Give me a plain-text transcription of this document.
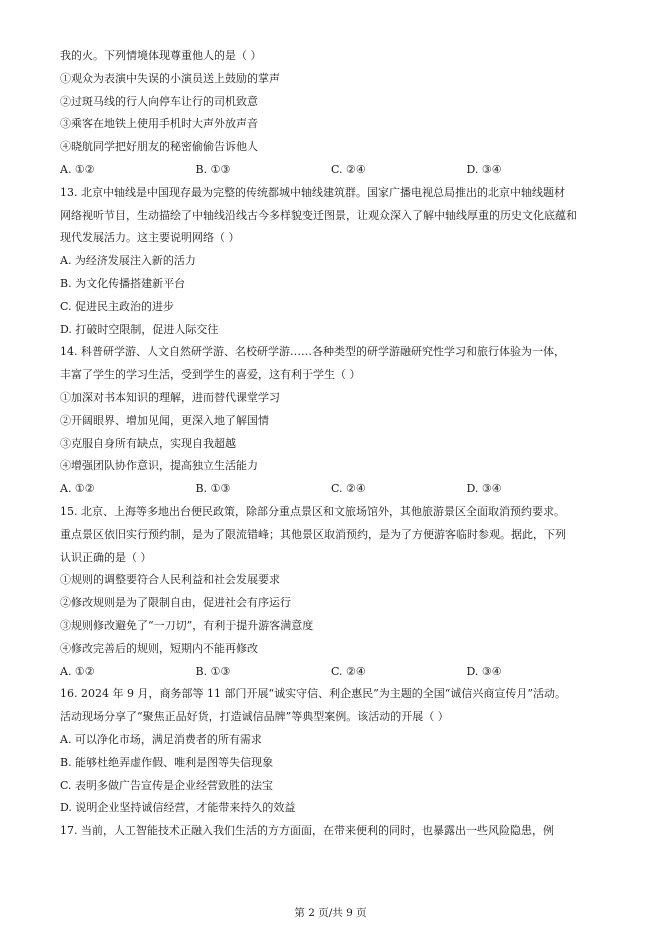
我的火。下列情境体现尊重他人的是（ ）
①观众为表演中失误的小演员送上鼓励的掌声
②过斑马线的行人向停车让行的司机致意
③乘客在地铁上使用手机时大声外放声音
④晓航同学把好朋友的秘密偷偷告诉他人
A. ①②	B. ①③	C. ②④	D. ③④
13. 北京中轴线是中国现存最为完整的传统都城中轴线建筑群。国家广播电视总局推出的北京中轴线题材
网络视听节目，生动描绘了中轴线沿线古今多样貌变迁图景，让观众深入了解中轴线厚重的历史文化底蕴和
现代发展活力。这主要说明网络（ ）
A. 为经济发展注入新的活力
B. 为文化传播搭建新平台
C. 促进民主政治的进步
D. 打破时空限制，促进人际交往
14. 科普研学游、人文自然研学游、名校研学游……各种类型的研学游融研究性学习和旅行体验为一体，
丰富了学生的学习生活，受到学生的喜爱，这有利于学生（ ）
①加深对书本知识的理解，进而替代课堂学习
②开阔眼界、增加见闻，更深入地了解国情
③克服自身所有缺点，实现自我超越
④增强团队协作意识，提高独立生活能力
A. ①②	B. ①③	C. ②④	D. ③④
15. 北京、上海等多地出台便民政策，除部分重点景区和文旅场馆外，其他旅游景区全面取消预约要求。
重点景区依旧实行预约制，是为了限流错峰；其他景区取消预约，是为了方便游客临时参观。据此，下列
认识正确的是（ ）
①规则的调整要符合人民利益和社会发展要求
②修改规则是为了限制自由，促进社会有序运行
③规则修改避免了“一刀切”，有利于提升游客满意度
④修改完善后的规则，短期内不能再修改
A. ①②	B. ①③	C. ②④	D. ③④
16. 2024 年 9 月，商务部等 11 部门开展“诚实守信、利企惠民”为主题的全国“诚信兴商宣传月”活动。
活动现场分享了“聚焦正品好货，打造诚信品牌”等典型案例。该活动的开展（ ）
A. 可以净化市场，满足消费者的所有需求
B. 能够杜绝弄虚作假、唯利是图等失信现象
C. 表明多做广告宣传是企业经营致胜的法宝
D. 说明企业坚持诚信经营，才能带来持久的效益
17. 当前，人工智能技术正融入我们生活的方方面面，在带来便利的同时，也暴露出一些风险隐患，例
第 2 页/共 9 页
